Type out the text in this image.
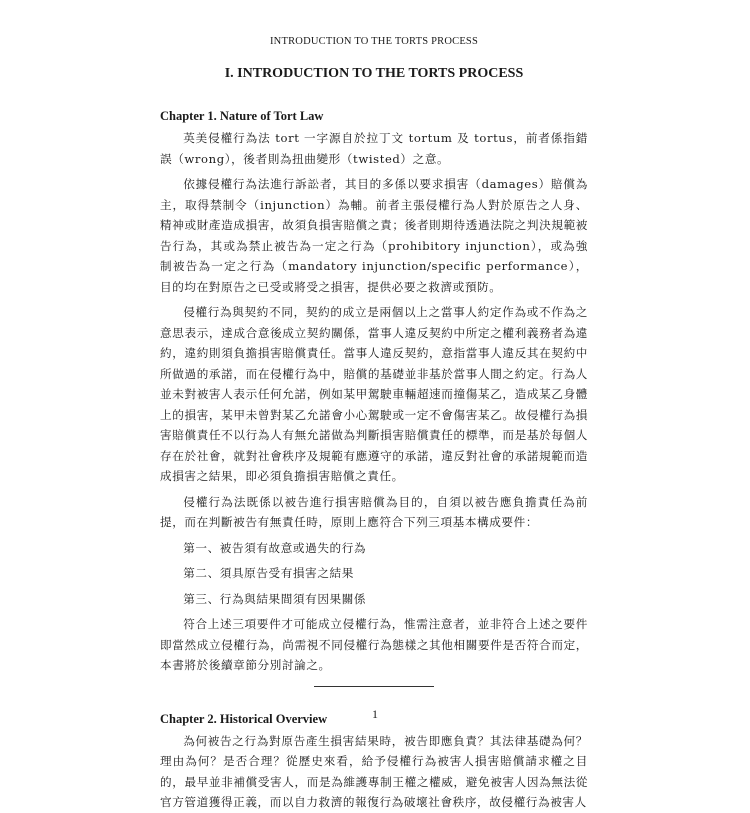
INTRODUCTION TO THE TORTS PROCESS
I. INTRODUCTION TO THE TORTS PROCESS
Chapter 1. Nature of Tort Law

英美侵權行為法 tort 一字源自於拉丁文 tortum 及 tortus，前者係指錯誤（wrong），後者則為扭曲變形（twisted）之意。

依據侵權行為法進行訴訟者，其目的多係以要求損害（damages）賠償為主，取得禁制令（injunction）為輔。前者主張侵權行為人對於原告之人身、精神或財產造成損害，故須負損害賠償之責；後者則期待透過法院之判決規範被告行為，其或為禁止被告為一定之行為（prohibitory injunction），或為強制被告為一定之行為（mandatory injunction/specific performance），目的均在對原告之已受或將受之損害，提供必要之救濟或預防。

侵權行為與契約不同，契約的成立是兩個以上之當事人約定作為或不作為之意思表示，達成合意後成立契約關係，當事人違反契約中所定之權利義務者為違約，違約則須負擔損害賠償責任。當事人違反契約，意指當事人違反其在契約中所做過的承諾，而在侵權行為中，賠償的基礎並非基於當事人間之約定。行為人並未對被害人表示任何允諾，例如某甲駕駛車輛超速而撞傷某乙，造成某乙身體上的損害，某甲未曾對某乙允諾會小心駕駛或一定不會傷害某乙。故侵權行為損害賠償責任不以行為人有無允諾做為判斷損害賠償責任的標準，而是基於每個人存在於社會，就對社會秩序及規範有應遵守的承諾，違反對社會的承諾規範而造成損害之結果，即必須負擔損害賠償之責任。

侵權行為法既係以被告進行損害賠償為目的，自須以被告應負擔責任為前提，而在判斷被告有無責任時，原則上應符合下列三項基本構成要件：

第一、被告須有故意或過失的行為

第二、須具原告受有損害之結果

第三、行為與結果間須有因果關係

符合上述三項要件才可能成立侵權行為，惟需注意者，並非符合上述之要件即當然成立侵權行為，尚需視不同侵權行為態樣之其他相關要件是否符合而定，本書將於後續章節分別討論之。

Chapter 2. Historical Overview

為何被告之行為對原告產生損害結果時，被告即應負責？其法律基礎為何？理由為何？是否合理？從歷史來看，給予侵權行為被害人損害賠償請求權之目的，最早並非補償受害人，而是為維護專制王權之權威，避免被害人因為無法從官方管道獲得正義，而以自力救濟的報復行為破壞社會秩序，故侵權行為被害人

1
